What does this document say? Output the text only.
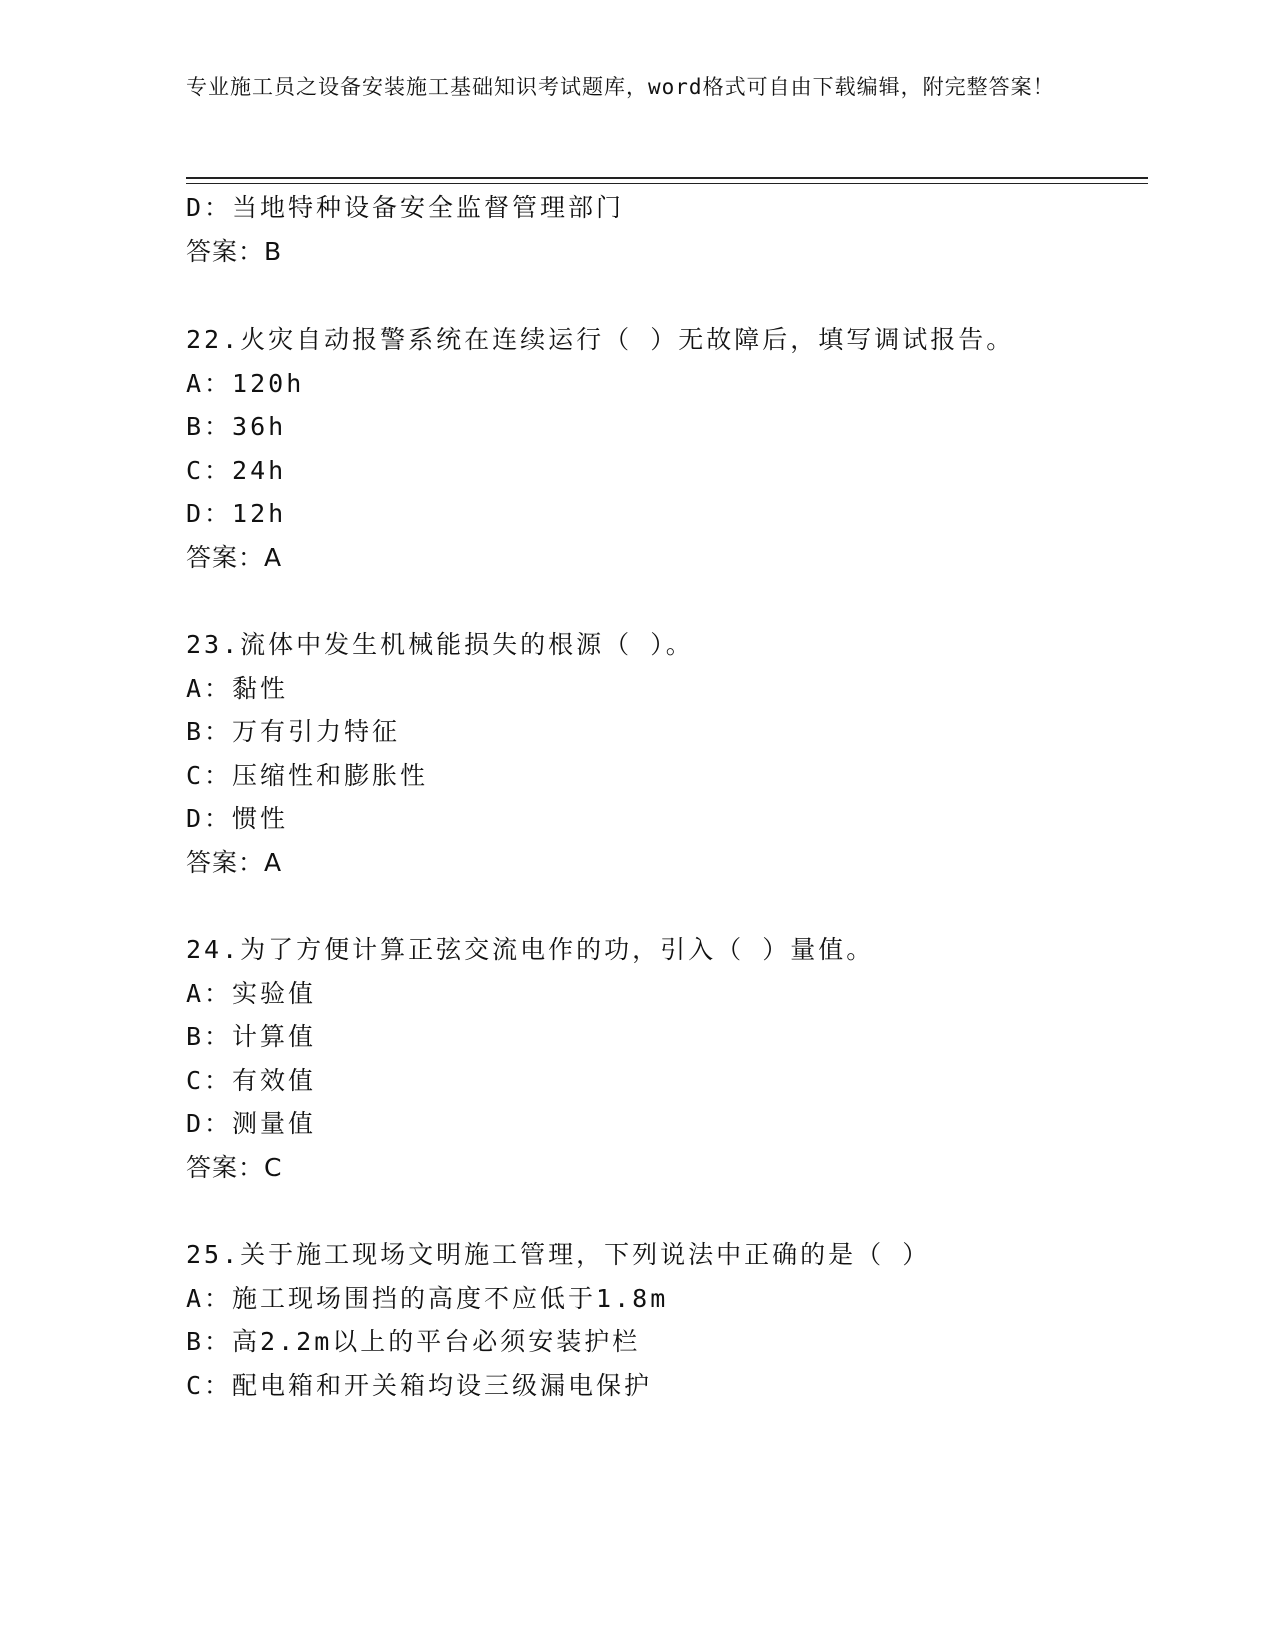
专业施工员之设备安装施工基础知识考试题库，word格式可自由下载编辑，附完整答案！
D：当地特种设备安全监督管理部门
答案：B
22.火灾自动报警系统在连续运行（ ）无故障后，填写调试报告。
A：120h
B：36h
C：24h
D：12h
答案：A
23.流体中发生机械能损失的根源（ ）。
A：黏性
B：万有引力特征
C：压缩性和膨胀性
D：惯性
答案：A
24.为了方便计算正弦交流电作的功，引入（ ）量值。
A：实验值
B：计算值
C：有效值
D：测量值
答案：C
25.关于施工现场文明施工管理，下列说法中正确的是（ ）
A：施工现场围挡的高度不应低于1.8m
B：高2.2m以上的平台必须安装护栏
C：配电箱和开关箱均设三级漏电保护
